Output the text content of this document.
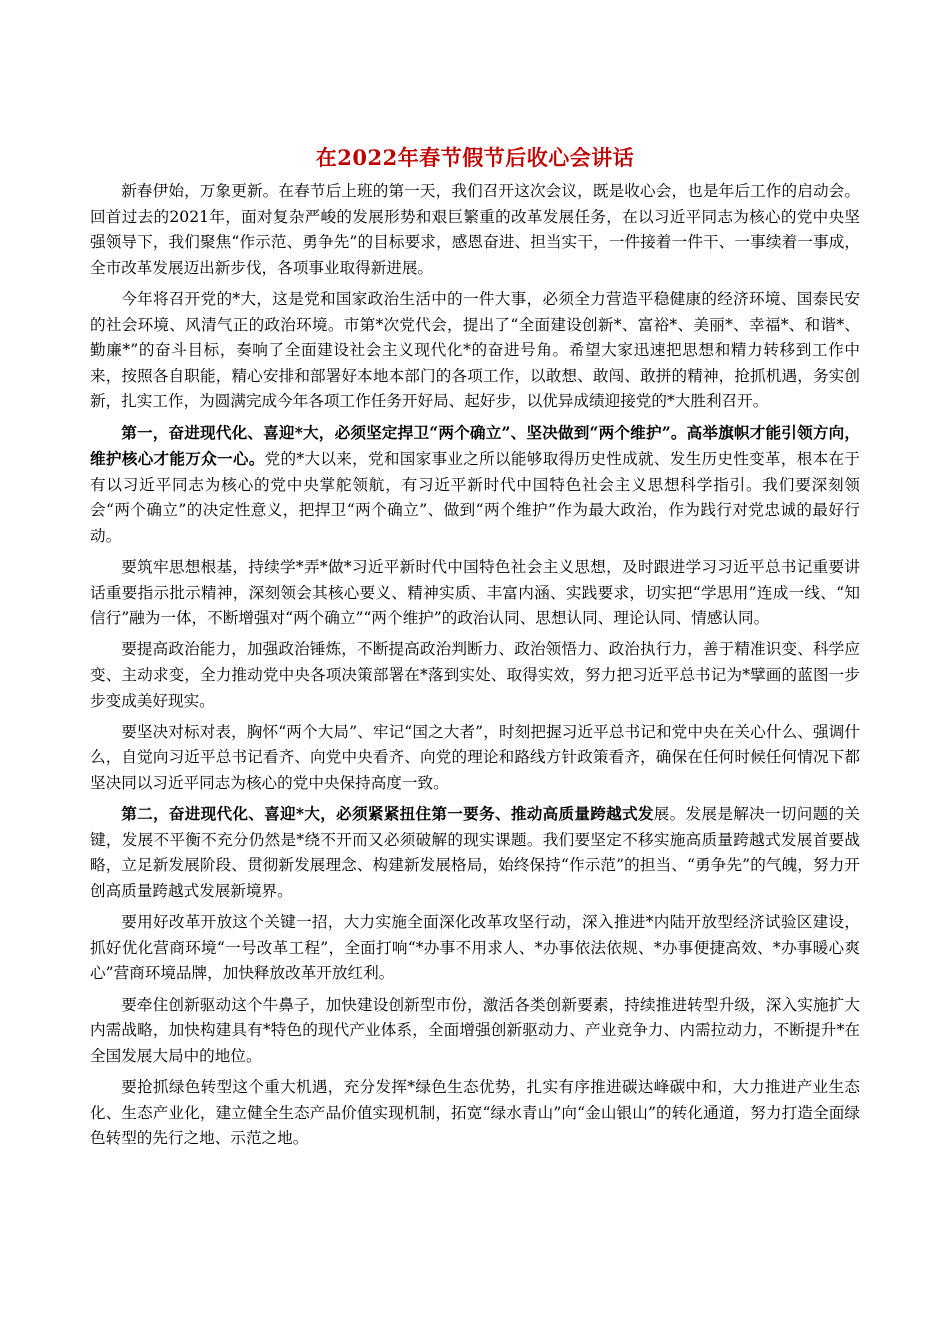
在2022年春节假节后收心会讲话

新春伊始，万象更新。在春节后上班的第一天，我们召开这次会议，既是收心会，也是年后工作的启动会。回首过去的2021年，面对复杂严峻的发展形势和艰巨繁重的改革发展任务，在以习近平同志为核心的党中央坚强领导下，我们聚焦“作示范、勇争先”的目标要求，感恩奋进、担当实干，一件接着一件干、一事续着一事成，全市改革发展迈出新步伐，各项事业取得新进展。

今年将召开党的*大，这是党和国家政治生活中的一件大事，必须全力营造平稳健康的经济环境、国泰民安的社会环境、风清气正的政治环境。市第*次党代会，提出了“全面建设创新*、富裕*、美丽*、幸福*、和谐*、勤廉*”的奋斗目标，奏响了全面建设社会主义现代化*的奋进号角。希望大家迅速把思想和精力转移到工作中来，按照各自职能，精心安排和部署好本地本部门的各项工作，以敢想、敢闯、敢拼的精神，抢抓机遇，务实创新，扎实工作，为圆满完成今年各项工作任务开好局、起好步，以优异成绩迎接党的*大胜利召开。

第一，奋进现代化、喜迎*大，必须坚定捍卫“两个确立”、坚决做到“两个维护”。高举旗帜才能引领方向，维护核心才能万众一心。党的*大以来，党和国家事业之所以能够取得历史性成就、发生历史性变革，根本在于有以习近平同志为核心的党中央掌舵领航，有习近平新时代中国特色社会主义思想科学指引。我们要深刻领会“两个确立”的决定性意义，把捍卫“两个确立”、做到“两个维护”作为最大政治，作为践行对党忠诚的最好行动。

要筑牢思想根基，持续学*弄*做*习近平新时代中国特色社会主义思想，及时跟进学习习近平总书记重要讲话重要指示批示精神，深刻领会其核心要义、精神实质、丰富内涵、实践要求，切实把“学思用”连成一线、“知信行”融为一体，不断增强对“两个确立”“两个维护”的政治认同、思想认同、理论认同、情感认同。

要提高政治能力，加强政治锤炼，不断提高政治判断力、政治领悟力、政治执行力，善于精准识变、科学应变、主动求变，全力推动党中央各项决策部署在*落到实处、取得实效，努力把习近平总书记为*擘画的蓝图一步步变成美好现实。

要坚决对标对表，胸怀“两个大局”、牢记“国之大者”，时刻把握习近平总书记和党中央在关心什么、强调什么，自觉向习近平总书记看齐、向党中央看齐、向党的理论和路线方针政策看齐，确保在任何时候任何情况下都坚决同以习近平同志为核心的党中央保持高度一致。

第二，奋进现代化、喜迎*大，必须紧紧扭住第一要务、推动高质量跨越式发展。发展是解决一切问题的关键，发展不平衡不充分仍然是*绕不开而又必须破解的现实课题。我们要坚定不移实施高质量跨越式发展首要战略，立足新发展阶段、贯彻新发展理念、构建新发展格局，始终保持“作示范”的担当、“勇争先”的气魄，努力开创高质量跨越式发展新境界。

要用好改革开放这个关键一招，大力实施全面深化改革攻坚行动，深入推进*内陆开放型经济试验区建设，抓好优化营商环境“一号改革工程”，全面打响“*办事不用求人、*办事依法依规、*办事便捷高效、*办事暖心爽心”营商环境品牌，加快释放改革开放红利。

要牵住创新驱动这个牛鼻子，加快建设创新型市份，激活各类创新要素，持续推进转型升级，深入实施扩大内需战略，加快构建具有*特色的现代产业体系，全面增强创新驱动力、产业竞争力、内需拉动力，不断提升*在全国发展大局中的地位。

要抢抓绿色转型这个重大机遇，充分发挥*绿色生态优势，扎实有序推进碳达峰碳中和，大力推进产业生态化、生态产业化，建立健全生态产品价值实现机制，拓宽“绿水青山”向“金山银山”的转化通道，努力打造全面绿色转型的先行之地、示范之地。
